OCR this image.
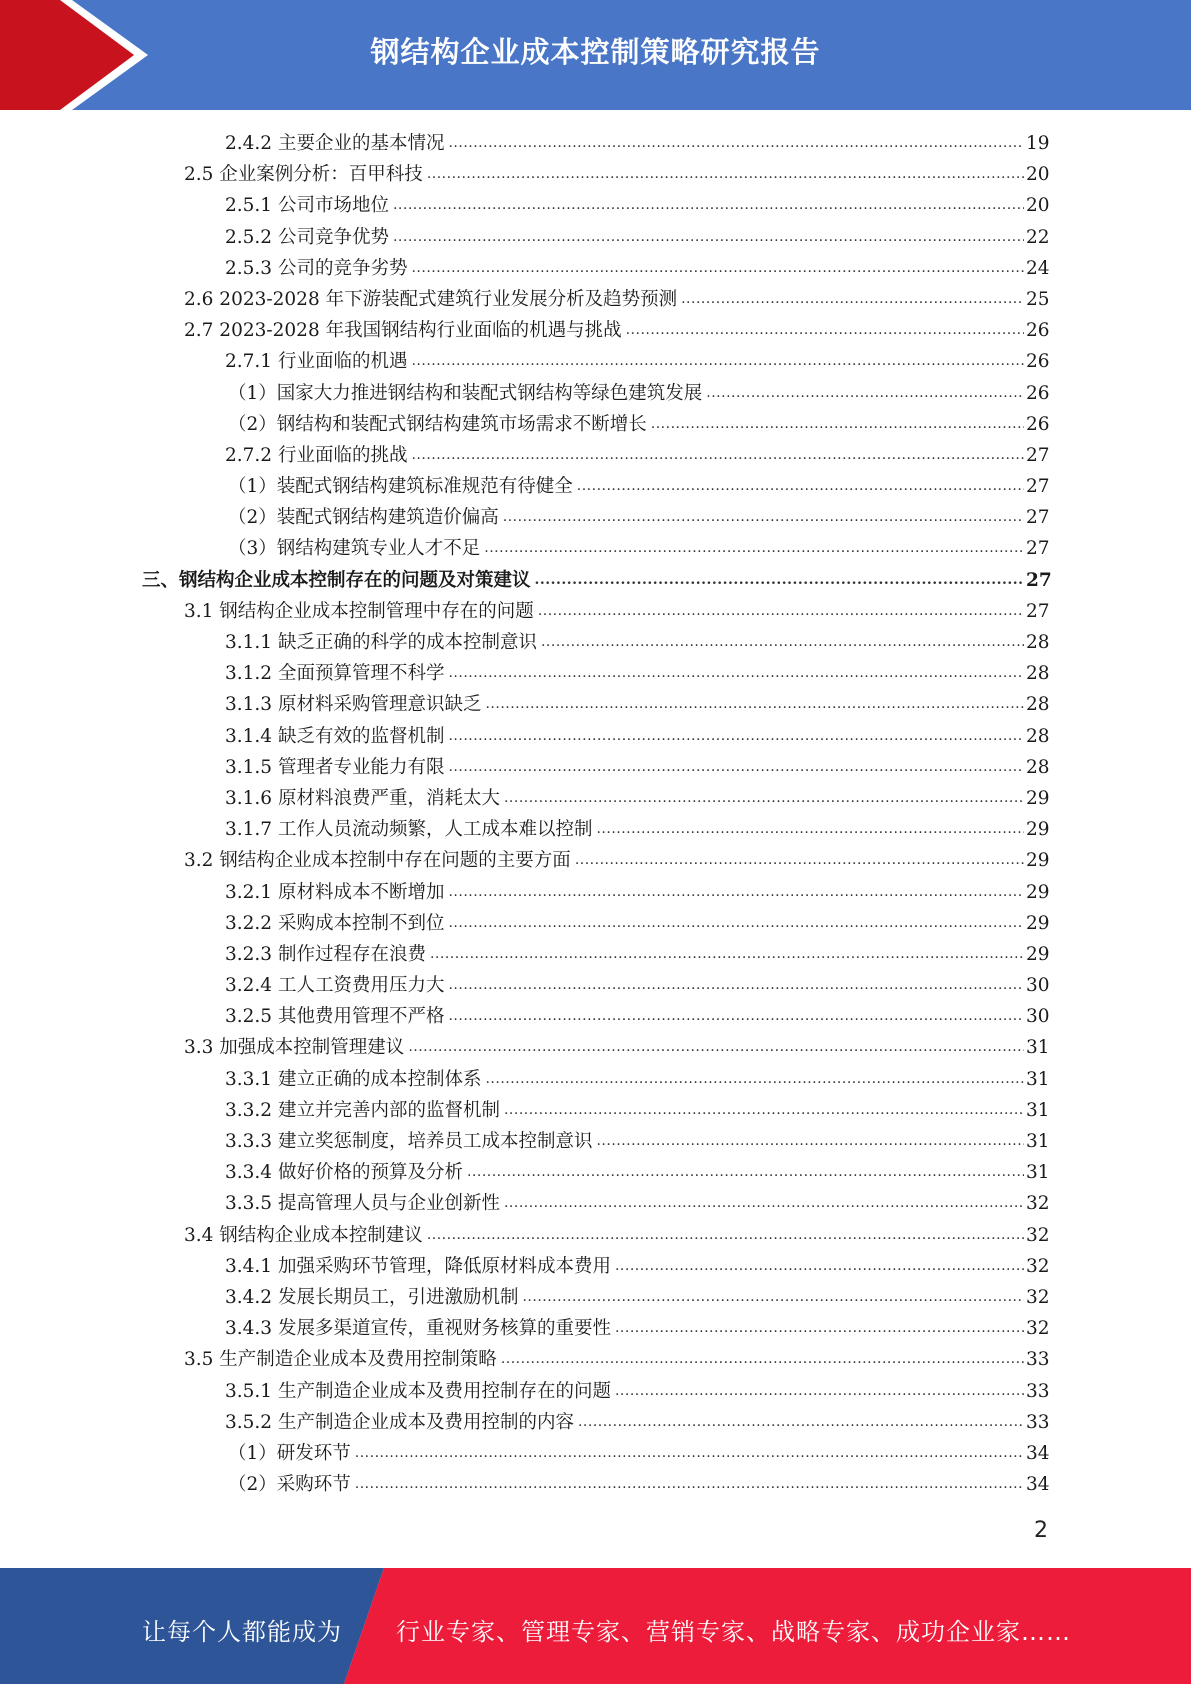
钢结构企业成本控制策略研究报告
2.4.2 主要企业的基本情况 .....	19
2.5 企业案例分析：百甲科技 .....	20
2.5.1 公司市场地位 .....	20
2.5.2 公司竞争优势 .....	22
2.5.3 公司的竞争劣势 .....	24
2.6 2023-2028 年下游装配式建筑行业发展分析及趋势预测 .....	25
2.7 2023-2028 年我国钢结构行业面临的机遇与挑战 .....	26
2.7.1 行业面临的机遇 .....	26
（1）国家大力推进钢结构和装配式钢结构等绿色建筑发展 .....	26
（2）钢结构和装配式钢结构建筑市场需求不断增长 .....	26
2.7.2 行业面临的挑战 .....	27
（1）装配式钢结构建筑标准规范有待健全 .....	27
（2）装配式钢结构建筑造价偏高 .....	27
（3）钢结构建筑专业人才不足 .....	27
三、钢结构企业成本控制存在的问题及对策建议 .....	27
3.1 钢结构企业成本控制管理中存在的问题 .....	27
3.1.1 缺乏正确的科学的成本控制意识 .....	28
3.1.2 全面预算管理不科学 .....	28
3.1.3 原材料采购管理意识缺乏 .....	28
3.1.4 缺乏有效的监督机制 .....	28
3.1.5 管理者专业能力有限 .....	28
3.1.6 原材料浪费严重，消耗太大 .....	29
3.1.7 工作人员流动频繁，人工成本难以控制 .....	29
3.2 钢结构企业成本控制中存在问题的主要方面 .....	29
3.2.1 原材料成本不断增加 .....	29
3.2.2 采购成本控制不到位 .....	29
3.2.3 制作过程存在浪费 .....	29
3.2.4 工人工资费用压力大 .....	30
3.2.5 其他费用管理不严格 .....	30
3.3 加强成本控制管理建议 .....	31
3.3.1 建立正确的成本控制体系 .....	31
3.3.2 建立并完善内部的监督机制 .....	31
3.3.3 建立奖惩制度，培养员工成本控制意识 .....	31
3.3.4 做好价格的预算及分析 .....	31
3.3.5 提高管理人员与企业创新性 .....	32
3.4 钢结构企业成本控制建议 .....	32
3.4.1 加强采购环节管理，降低原材料成本费用 .....	32
3.4.2 发展长期员工，引进激励机制 .....	32
3.4.3 发展多渠道宣传，重视财务核算的重要性 .....	32
3.5 生产制造企业成本及费用控制策略 .....	33
3.5.1 生产制造企业成本及费用控制存在的问题 .....	33
3.5.2 生产制造企业成本及费用控制的内容 .....	33
（1）研发环节 .....	34
（2）采购环节 .....	34
2
让每个人都能成为 行业专家、管理专家、营销专家、战略专家、成功企业家……
